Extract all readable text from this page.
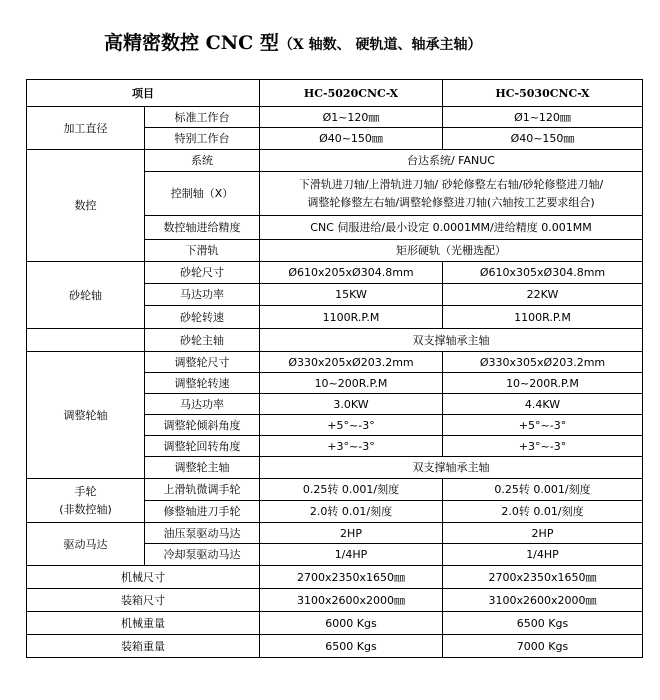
高精密数控 CNC 型（X 轴数、 硬轨道、轴承主轴）
项目		HC-5020CNC-X	HC-5030CNC-X
加工直径	标准工作台	Ø1~120㎜	Ø1~120㎜
	特别工作台	Ø40~150㎜	Ø40~150㎜
数控	系统	台达系统/ FANUC	
	控制轴（X）	下滑轨进刀轴/上滑轨进刀轴/ 砂轮修整左右轴/砂轮修整进刀轴/
调整轮修整左右轴/调整轮修整进刀轴(六轴按工艺要求组合)	

	数控轴进给精度	CNC 伺服进给/最小设定 0.0001MM/进给精度 0.001MM	
	下滑轨	矩形硬轨（光栅选配）	
砂轮轴	砂轮尺寸	Ø610x205xØ304.8mm	Ø610x305xØ304.8mm
	马达功率	15KW	22KW
	砂轮转速	1100R.P.M	1100R.P.M
	砂轮主轴	双支撑轴承主轴	
调整轮轴	调整轮尺寸	Ø330x205xØ203.2mm	Ø330x305xØ203.2mm
	调整轮转速	10~200R.P.M	10~200R.P.M
	马达功率	3.0KW	4.4KW
	调整轮倾斜角度	+5°~-3°	+5°~-3°
	调整轮回转角度	+3°~-3°	+3°~-3°
	调整轮主轴	双支撑轴承主轴	

手轮
(非数控轴)	上滑轨微调手轮	0.25转 0.001/刻度	0.25转 0.001/刻度
	修整轴进刀手轮	2.0转 0.01/刻度	2.0转 0.01/刻度
驱动马达	油压泵驱动马达	2HP	2HP
	冷却泵驱动马达	1/4HP	1/4HP
机械尺寸		2700x2350x1650㎜	2700x2350x1650㎜
装箱尺寸		3100x2600x2000㎜	3100x2600x2000㎜
机械重量		6000 Kgs	6500 Kgs
装箱重量		6500 Kgs	7000 Kgs
